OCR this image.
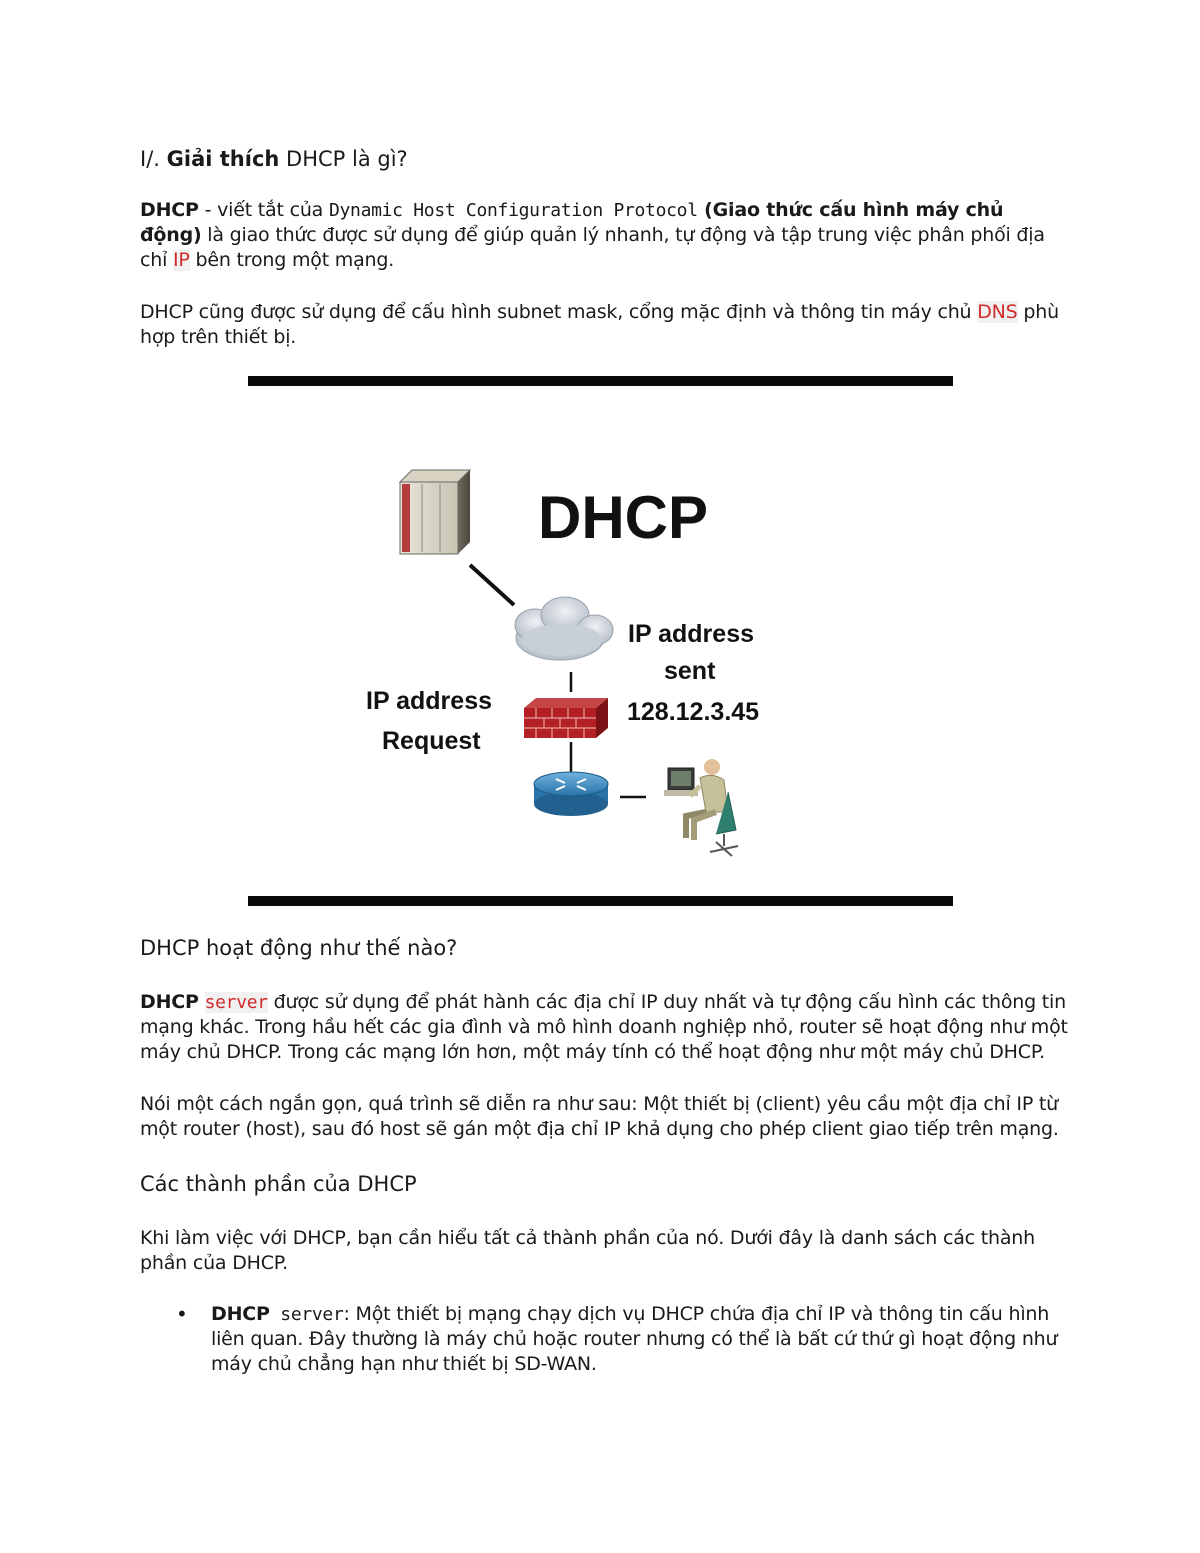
I/. Giải thích DHCP là gì?

DHCP - viết tắt của Dynamic Host Configuration Protocol (Giao thức cấu hình máy chủ động) là giao thức được sử dụng để giúp quản lý nhanh, tự động và tập trung việc phân phối địa chỉ IP bên trong một mạng.

DHCP cũng được sử dụng để cấu hình subnet mask, cổng mặc định và thông tin máy chủ DNS phù hợp trên thiết bị.

DHCP
IP address
sent
128.12.3.45
IP address
Request

DHCP hoạt động như thế nào?

DHCP server được sử dụng để phát hành các địa chỉ IP duy nhất và tự động cấu hình các thông tin mạng khác. Trong hầu hết các gia đình và mô hình doanh nghiệp nhỏ, router sẽ hoạt động như một máy chủ DHCP. Trong các mạng lớn hơn, một máy tính có thể hoạt động như một máy chủ DHCP.

Nói một cách ngắn gọn, quá trình sẽ diễn ra như sau: Một thiết bị (client) yêu cầu một địa chỉ IP từ một router (host), sau đó host sẽ gán một địa chỉ IP khả dụng cho phép client giao tiếp trên mạng.

Các thành phần của DHCP

Khi làm việc với DHCP, bạn cần hiểu tất cả thành phần của nó. Dưới đây là danh sách các thành phần của DHCP.

• DHCP server: Một thiết bị mạng chạy dịch vụ DHCP chứa địa chỉ IP và thông tin cấu hình liên quan. Đây thường là máy chủ hoặc router nhưng có thể là bất cứ thứ gì hoạt động như máy chủ chẳng hạn như thiết bị SD-WAN.
